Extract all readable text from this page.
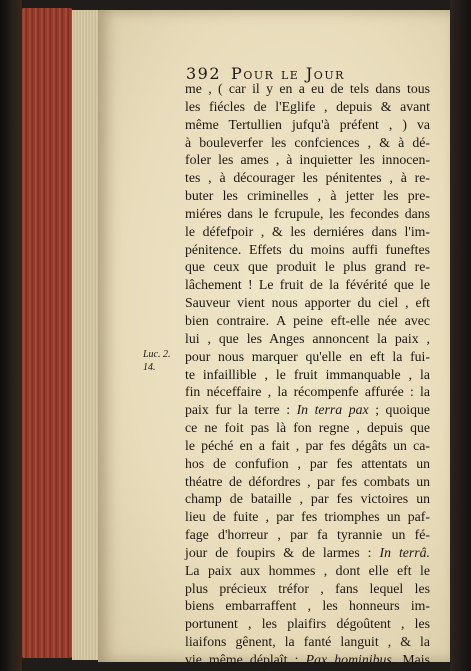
392 Pour le Jour
Luc. 2.
14.
me , ( car il y en a eu de tels dans tous
les fiécles de l'Eglife , depuis & avant
même Tertullien jufqu'à préfent , ) va
à bouleverfer les confciences , & à dé-
foler les ames , à inquietter les innocen-
tes , à décourager les pénitentes , à re-
buter les criminelles , à jetter les pre-
miéres dans le fcrupule, les fecondes dans
le défefpoir , & les derniéres dans l'im-
pénitence. Effets du moins auffi funeftes
que ceux que produit le plus grand re-
lâchement ! Le fruit de la févérité que le
Sauveur vient nous apporter du ciel , eft
bien contraire. A peine eft-elle née avec
lui , que les Anges annoncent la paix ,
pour nous marquer qu'elle en eft la fui-
te infaillible , le fruit immanquable , la
fin néceffaire , la récompenfe affurée : la
paix fur la terre : In terra pax ; quoique
ce ne foit pas là fon regne , depuis que
le péché en a fait , par fes dégâts un ca-
hos de confufion , par fes attentats un
théatre de défordres , par fes combats un
champ de bataille , par fes victoires un
lieu de fuite , par fes triomphes un paf-
fage d'horreur , par fa tyrannie un fé-
jour de foupirs & de larmes : In terrâ.
La paix aux hommes , dont elle eft le
plus précieux tréfor , fans lequel les
biens embarraffent , les honneurs im-
portunent , les plaifirs dégoûtent , les
liaifons gênent, la fanté languit , & la
vie même déplaît : Pax hominibus. Mais
